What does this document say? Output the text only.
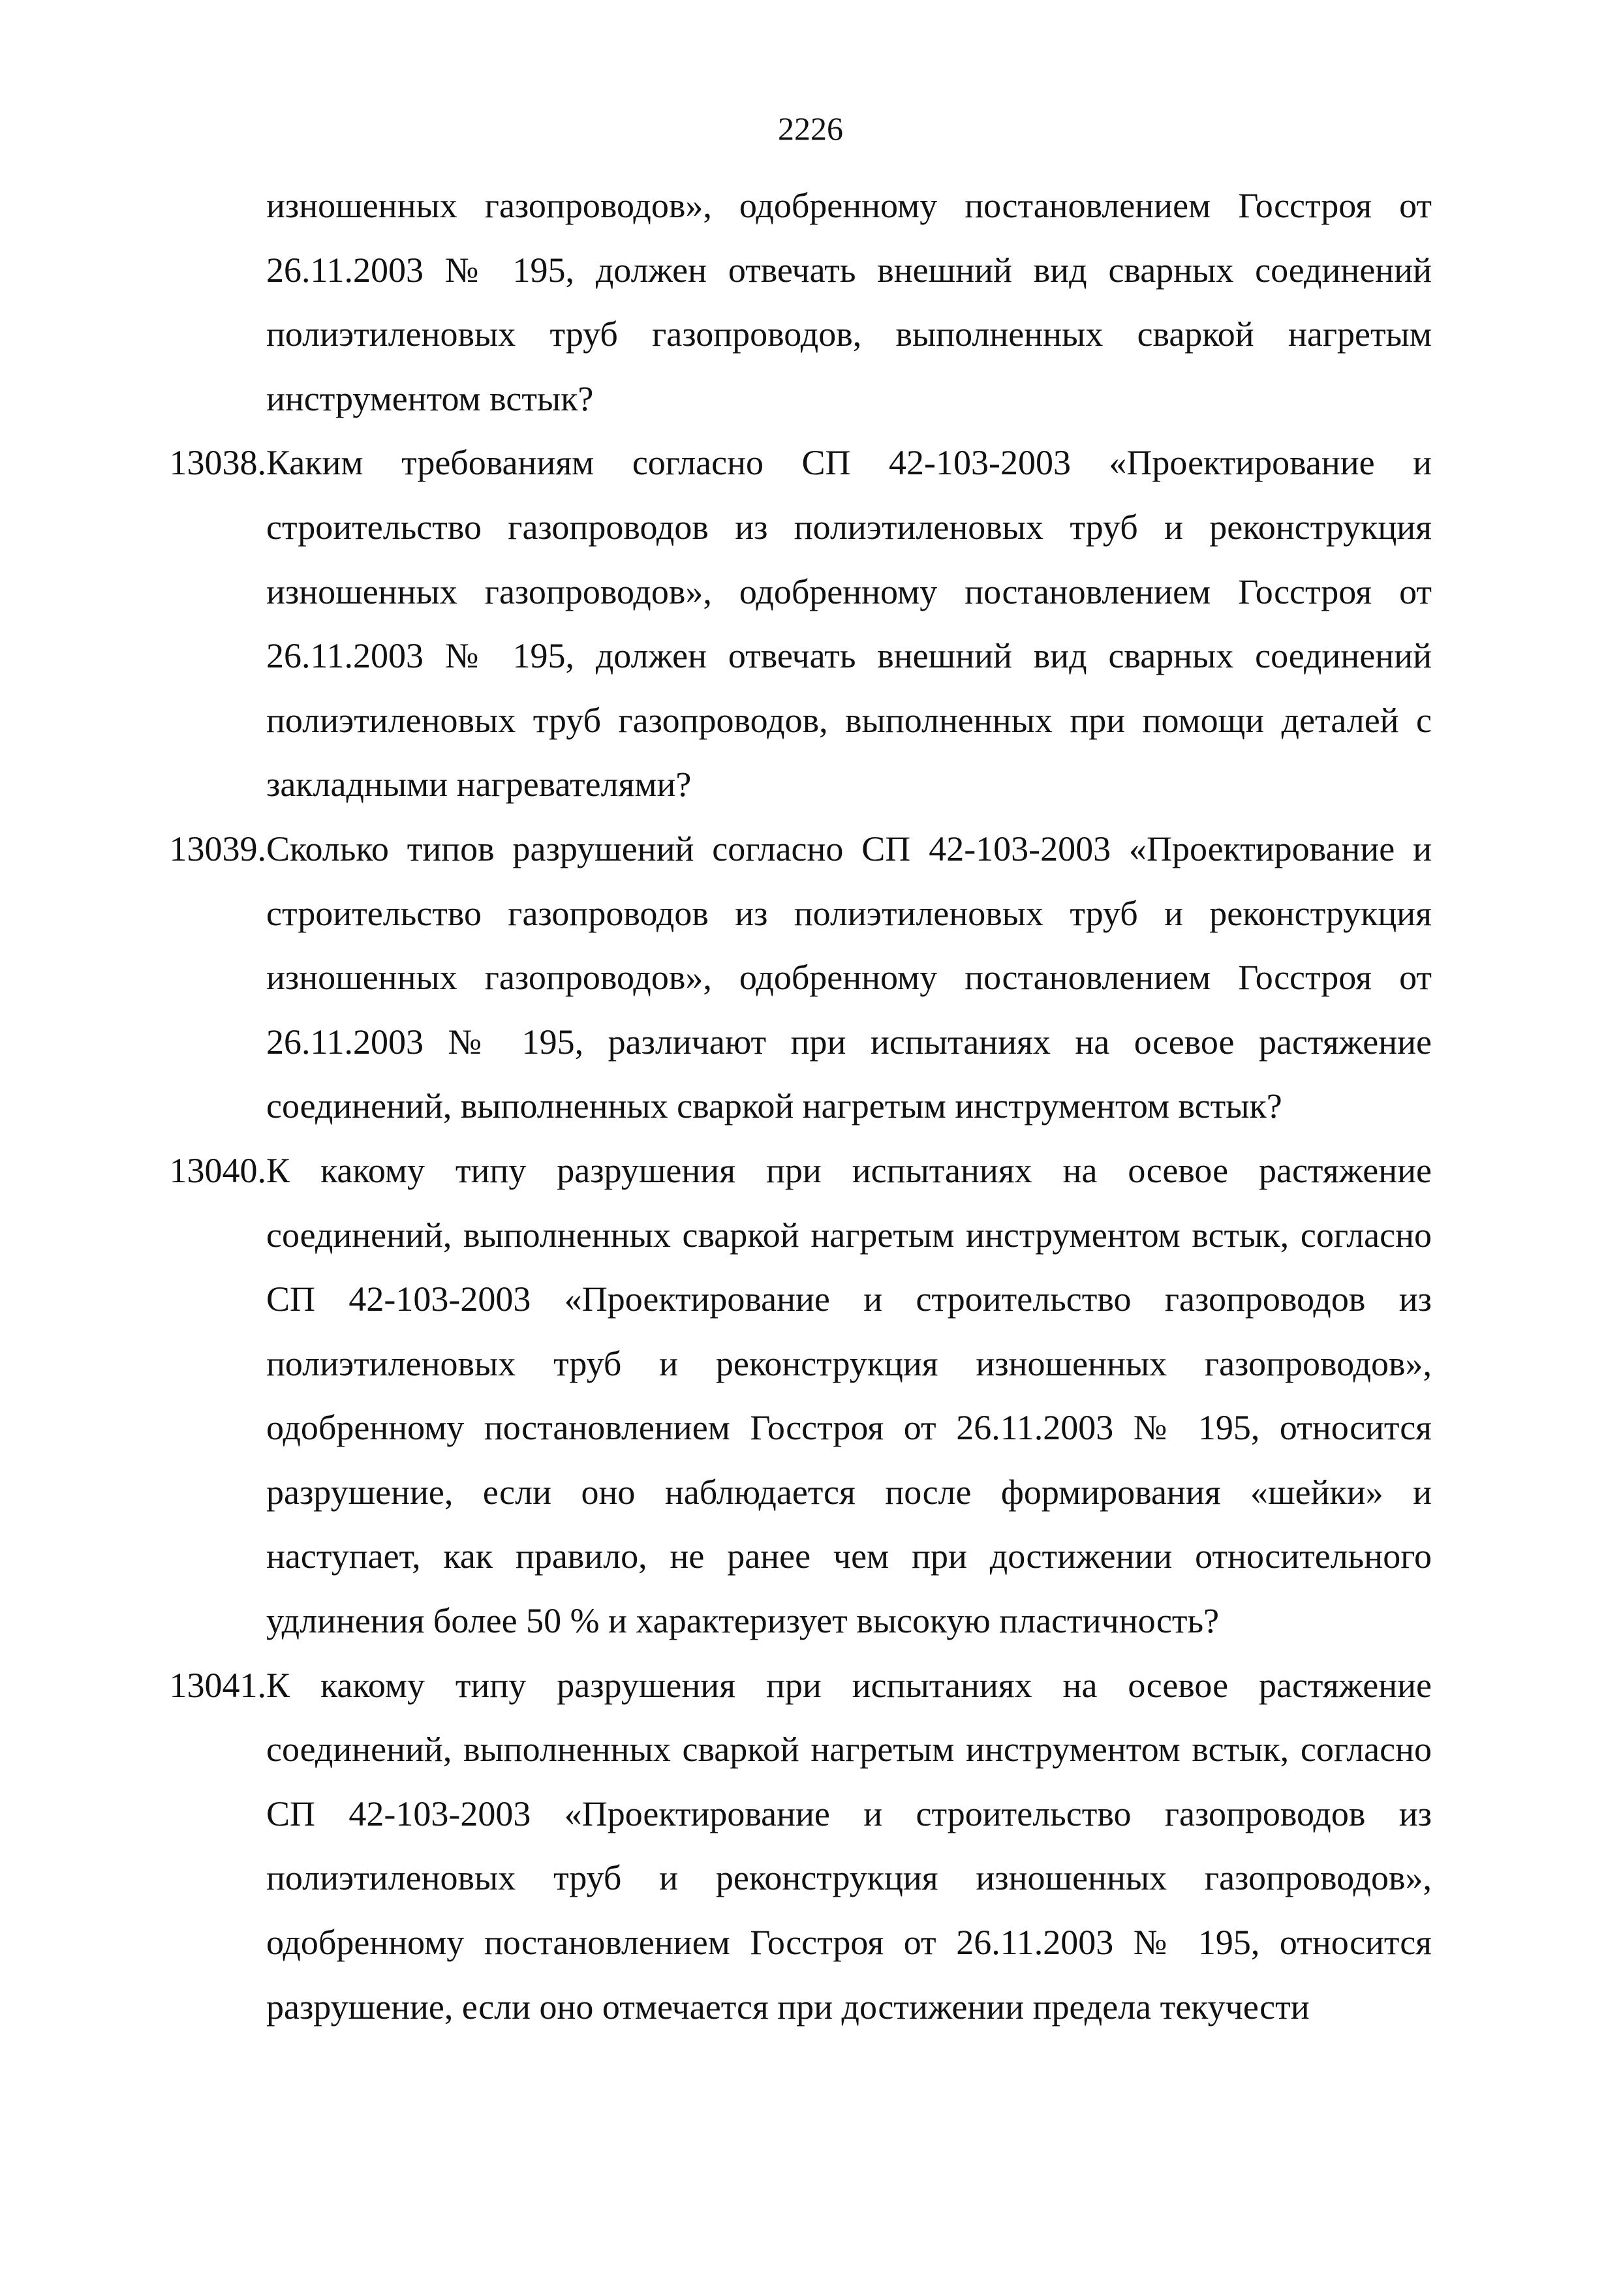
2226
изношенных газопроводов», одобренному постановлением Госстроя от 26.11.2003 № 195, должен отвечать внешний вид сварных соединений полиэтиленовых труб газопроводов, выполненных сваркой нагретым инструментом встык?
13038. Каким требованиям согласно СП 42-103-2003 «Проектирование и строительство газопроводов из полиэтиленовых труб и реконструкция изношенных газопроводов», одобренному постановлением Госстроя от 26.11.2003 № 195, должен отвечать внешний вид сварных соединений полиэтиленовых труб газопроводов, выполненных при помощи деталей с закладными нагревателями?
13039. Сколько типов разрушений согласно СП 42-103-2003 «Проектирование и строительство газопроводов из полиэтиленовых труб и реконструкция изношенных газопроводов», одобренному постановлением Госстроя от 26.11.2003 № 195, различают при испытаниях на осевое растяжение соединений, выполненных сваркой нагретым инструментом встык?
13040. К какому типу разрушения при испытаниях на осевое растяжение соединений, выполненных сваркой нагретым инструментом встык, согласно СП 42-103-2003 «Проектирование и строительство газопроводов из полиэтиленовых труб и реконструкция изношенных газопроводов», одобренному постановлением Госстроя от 26.11.2003 № 195, относится разрушение, если оно наблюдается после формирования «шейки» и наступает, как правило, не ранее чем при достижении относительного удлинения более 50 % и характеризует высокую пластичность?
13041. К какому типу разрушения при испытаниях на осевое растяжение соединений, выполненных сваркой нагретым инструментом встык, согласно СП 42-103-2003 «Проектирование и строительство газопроводов из полиэтиленовых труб и реконструкция изношенных газопроводов», одобренному постановлением Госстроя от 26.11.2003 № 195, относится разрушение, если оно отмечается при достижении предела текучести
